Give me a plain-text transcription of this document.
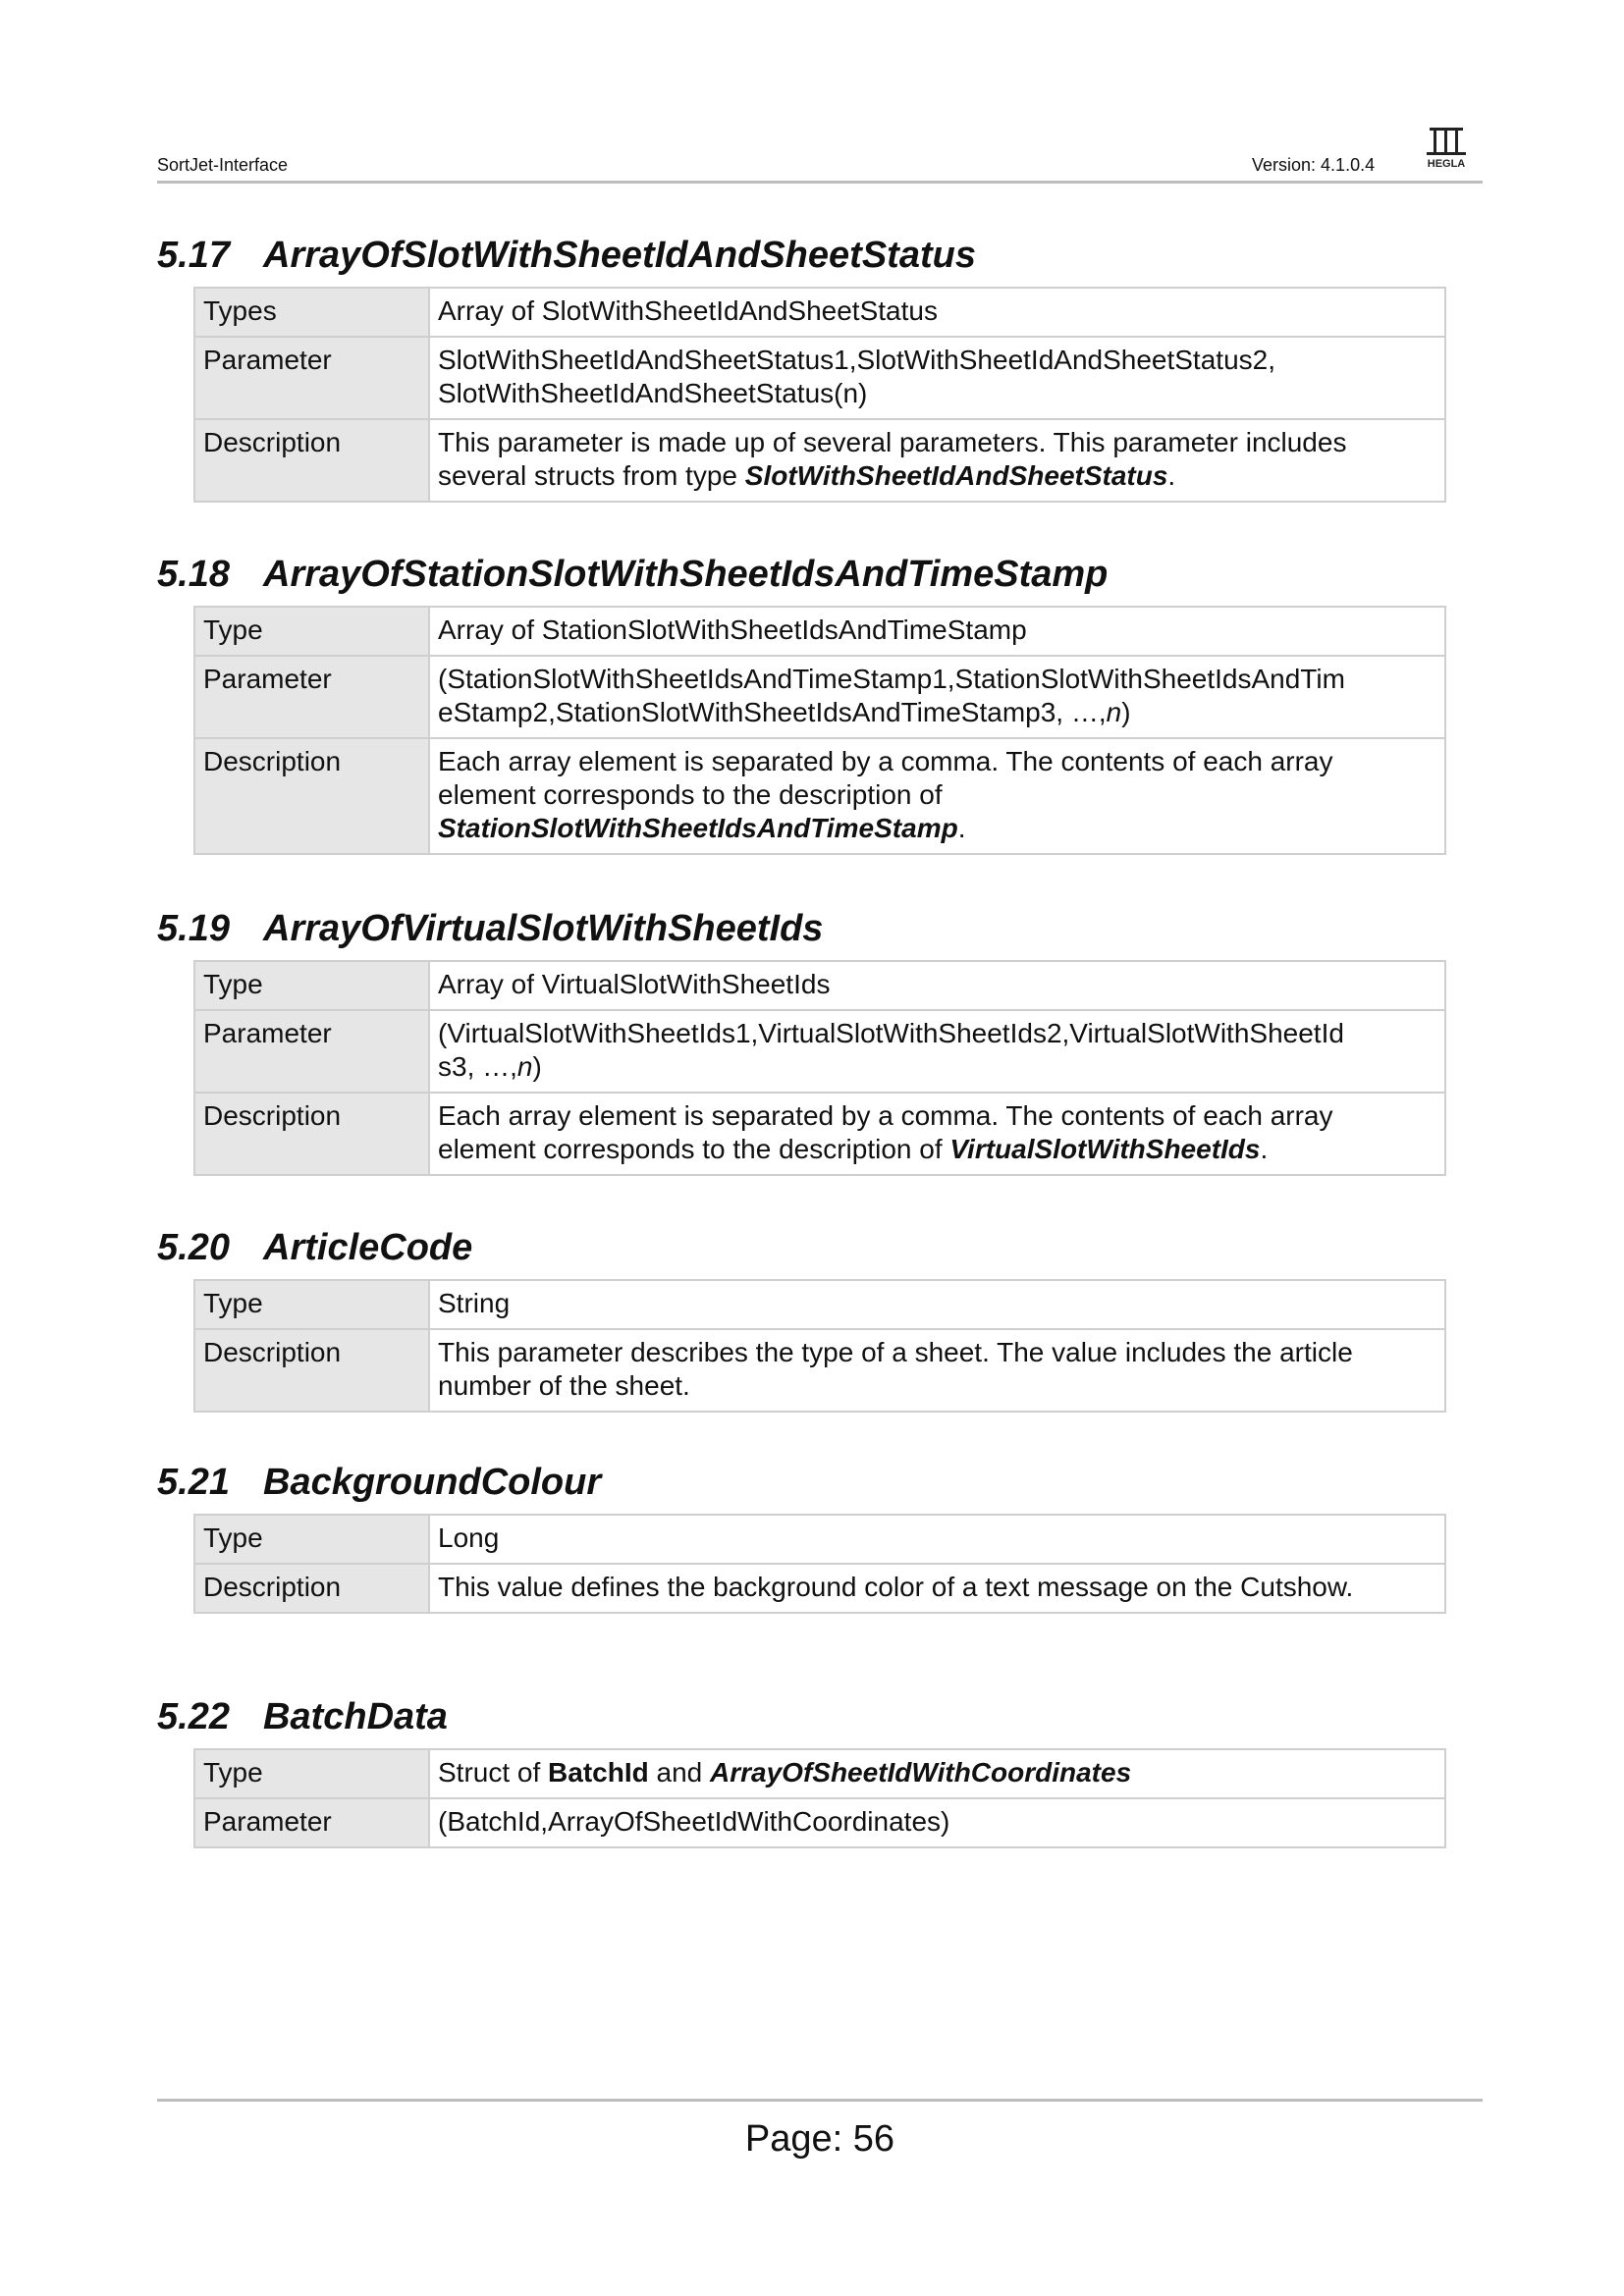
SortJet-Interface	Version: 4.1.0.4	HEGLA
5.17 ArrayOfSlotWithSheetIdAndSheetStatus
Types	Array of SlotWithSheetIdAndSheetStatus
Parameter	SlotWithSheetIdAndSheetStatus1,SlotWithSheetIdAndSheetStatus2,
SlotWithSheetIdAndSheetStatus(n)
Description	This parameter is made up of several parameters. This parameter includes several structs from type SlotWithSheetIdAndSheetStatus.
5.18 ArrayOfStationSlotWithSheetIdsAndTimeStamp
Type	Array of StationSlotWithSheetIdsAndTimeStamp
Parameter	(StationSlotWithSheetIdsAndTimeStamp1,StationSlotWithSheetIdsAndTim
eStamp2,StationSlotWithSheetIdsAndTimeStamp3, …,n)
Description	Each array element is separated by a comma. The contents of each array element corresponds to the description of StationSlotWithSheetIdsAndTimeStamp.
5.19 ArrayOfVirtualSlotWithSheetIds
Type	Array of VirtualSlotWithSheetIds
Parameter	(VirtualSlotWithSheetIds1,VirtualSlotWithSheetIds2,VirtualSlotWithSheetId
s3, …,n)
Description	Each array element is separated by a comma. The contents of each array element corresponds to the description of VirtualSlotWithSheetIds.
5.20 ArticleCode
Type	String
Description	This parameter describes the type of a sheet. The value includes the article number of the sheet.
5.21 BackgroundColour
Type	Long
Description	This value defines the background color of a text message on the Cutshow.
5.22 BatchData
Type	Struct of BatchId and ArrayOfSheetIdWithCoordinates
Parameter	(BatchId,ArrayOfSheetIdWithCoordinates)
Page: 56
